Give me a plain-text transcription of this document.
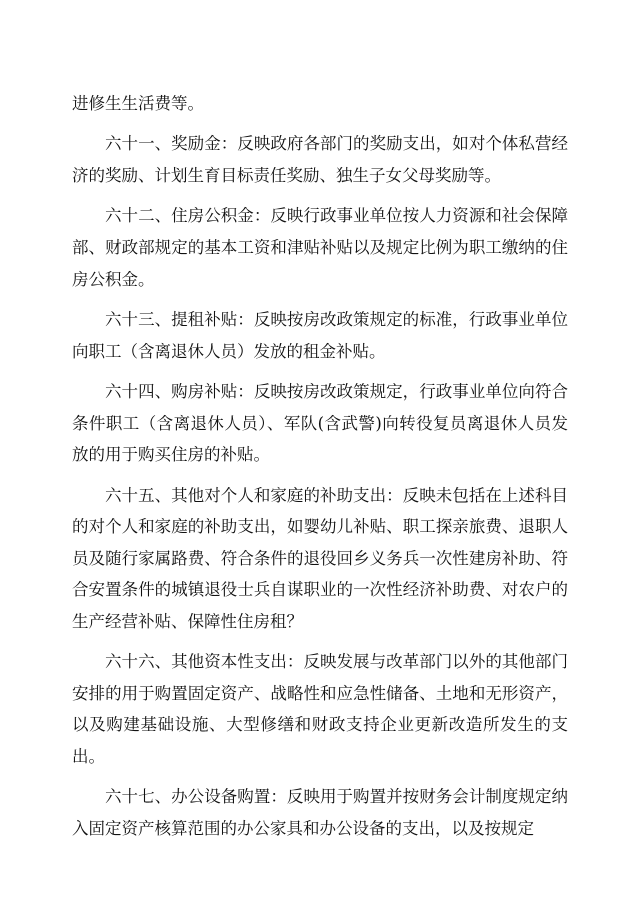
进修生生活费等。

六十一、奖励金：反映政府各部门的奖励支出，如对个体私营经济的奖励、计划生育目标责任奖励、独生子女父母奖励等。

六十二、住房公积金：反映行政事业单位按人力资源和社会保障部、财政部规定的基本工资和津贴补贴以及规定比例为职工缴纳的住房公积金。

六十三、提租补贴：反映按房改政策规定的标准，行政事业单位向职工（含离退休人员）发放的租金补贴。

六十四、购房补贴：反映按房改政策规定，行政事业单位向符合条件职工（含离退休人员）、军队(含武警)向转役复员离退休人员发放的用于购买住房的补贴。

六十五、其他对个人和家庭的补助支出：反映未包括在上述科目的对个人和家庭的补助支出，如婴幼儿补贴、职工探亲旅费、退职人员及随行家属路费、符合条件的退役回乡义务兵一次性建房补助、符合安置条件的城镇退役士兵自谋职业的一次性经济补助费、对农户的生产经营补贴、保障性住房租？

六十六、其他资本性支出：反映发展与改革部门以外的其他部门安排的用于购置固定资产、战略性和应急性储备、土地和无形资产，以及购建基础设施、大型修缮和财政支持企业更新改造所发生的支出。

六十七、办公设备购置：反映用于购置并按财务会计制度规定纳入固定资产核算范围的办公家具和办公设备的支出，以及按规定
